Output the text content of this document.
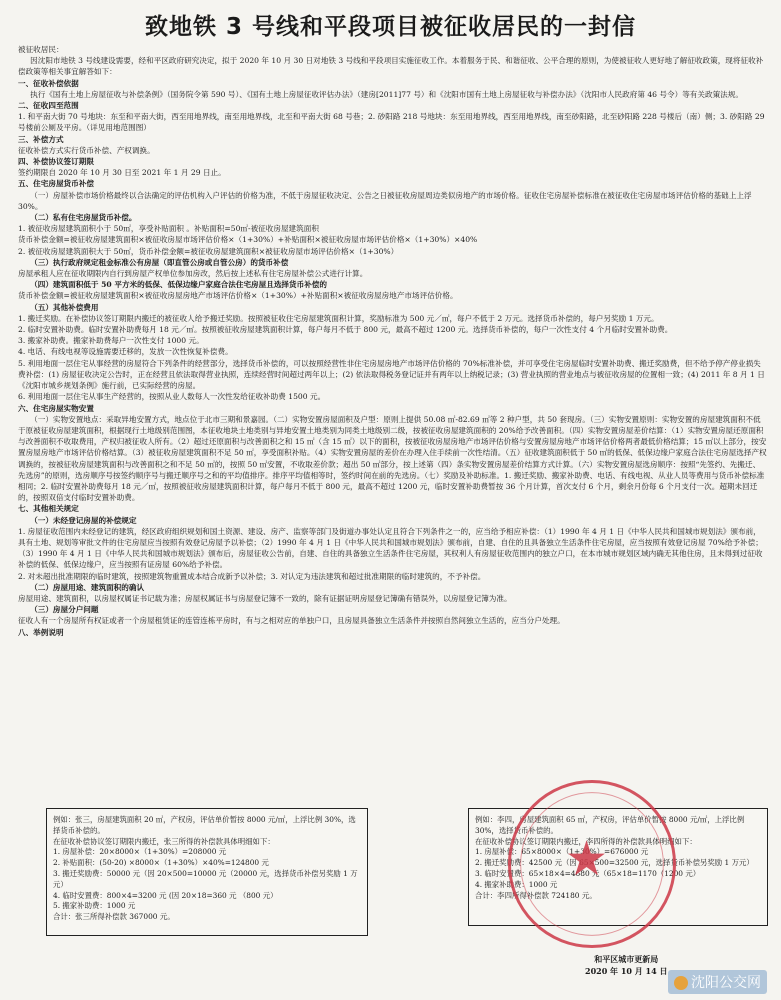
致地铁 3 号线和平段项目被征收居民的一封信

被征收居民：

因沈阳市地铁 3 号线建设需要，经和平区政府研究决定，拟于 2020 年 10 月 30 日对地铁 3 号线和平段项目实施征收工作。本着服务于民、和谐征收、公平合理的原则，为使被征收人更好地了解征收政策，现将征收补偿政策等相关事宜解答如下：

一、征收补偿依据

执行《国有土地上房屋征收与补偿条例》（国务院令第 590 号）、《国有土地上房屋征收评估办法》（建房[2011]77 号）和《沈阳市国有土地上房屋征收与补偿办法》（沈阳市人民政府第 46 号令）等有关政策法规。

二、征收四至范围

1. 和平南大街 70 号地块：东至和平南大街，西至用地界线，南至用地界线，北至和平南大街 68 号巷；2. 砂阳路 218 号地块：东至用地界线，西至用地界线，南至砂阳路，北至砂阳路 228 号楼后（南）侧；3. 砂阳路 29 号楼前公厕及平房。（详见用地范围图）

三、补偿方式

征收补偿方式实行货币补偿、产权调换。

四、补偿协议签订期限

签约期限自 2020 年 10 月 30 日至 2021 年 1 月 29 日止。

五、住宅房屋货币补偿

（一）房屋补偿市场价格最终以合法确定的评估机构入户评估的价格为准，不低于房屋征收决定、公告之日被征收房屋周边类似房地产的市场价格。征收住宅房屋补偿标准在被征收住宅房屋市场评估价格的基础上上浮 30%。

（二）私有住宅房屋货币补偿。

1. 被征收房屋建筑面积小于 50㎡，享受补贴面积 。补贴面积=50㎡-被征收房屋建筑面积

货币补偿金额=被征收房屋建筑面积×被征收房屋市场评估价格×（1+30%）+补贴面积×被征收房屋市场评估价格×（1+30%）×40%

2. 被征收房屋建筑面积大于 50㎡，货币补偿金额=被征收房屋建筑面积×被征收房屋市场评估价格×（1+30%）

（三）执行政府规定租金标准公有房屋（即直管公房或自管公房）的货币补偿

房屋承租人应在征收期限内自行到房屋产权单位参加房改，然后按上述私有住宅房屋补偿公式进行计算。

（四）建筑面积低于 50 平方米的低保、低保边缘户家庭合法住宅房屋且选择货币补偿的

货币补偿金额=被征收房屋建筑面积×被征收房屋房地产市场评估价格×（1+30%）+补贴面积×被征收房屋房地产市场评估价格。

（五）其他补偿费用

1. 搬迁奖励。在补偿协议签订期限内搬迁的被征收人给予搬迁奖励。按照被征收住宅房屋建筑面积计算，奖励标准为 500 元／㎡，每户不低于 2 万元。选择货币补偿的，每户另奖励 1 万元。

2. 临时安置补助费。临时安置补助费每月 18 元／㎡。按照被征收房屋建筑面积计算，每户每月不低于 800 元，最高不超过 1200 元。选择货币补偿的，每户一次性支付 4 个月临时安置补助费。

3. 搬家补助费。搬家补助费每户一次性支付 1000 元。

4. 电话、有线电视等设施需要迁移的，发放一次性恢复补偿费。

5. 利用地面一层住宅从事经营的房屋符合下列条件的经营部分，选择货币补偿的，可以按照经营性非住宅房屋房地产市场评估价格的 70%标准补偿，并可享受住宅房屋临时安置补助费、搬迁奖励费，但不给予停产停业损失费补偿：(1) 房屋征收决定公告时，正在经营且依法取得营业执照，连续经营时间超过两年以上；(2) 依法取得税务登记证并有两年以上纳税记录；(3) 营业执照的营业地点与被征收房屋的位置相一致；(4) 2011 年 8 月 1 日《沈阳市城乡规划条例》施行前，已实际经营的房屋。

6. 利用地面一层住宅从事生产经营的，按照从业人数每人一次性发给征收补助费 1500 元。

六、住宅房屋实物安置

（一）实物安置地点：采取异地安置方式，地点位于北市三期和景嘉园。（二）实物安置房屋面积及户型：原则上提供 50.08 ㎡-82.69 ㎡等 2 种户型，共 50 套现房。（三）实物安置原则：实物安置的房屋建筑面积不低于原被征收房屋建筑面积，根据现行土地级别范围图，本征收地块土地类别与异地安置土地类别为同类土地级别二级，按被征收房屋建筑面积的 20%给予改善面积。（四）实物安置房屋差价结算：（1）实物安置房屋还原面积与改善面积不收取费用，产权归被征收人所有。（2）超过还原面积与改善面积之和 15 ㎡（含 15 ㎡）以下的面积，按被征收房屋房地产市场评估价格与安置房屋房地产市场评估价格两者最低价格结算；15 ㎡以上部分，按安置房屋房地产市场评估价格结算。（3）被征收房屋建筑面积不足 50 ㎡，享受面积补贴。（4）实物安置房屋的差价在办理入住手续前一次性结清。（五）征收建筑面积低于 50 ㎡的低保、低保边缘户家庭合法住宅房屋选择产权调换的，按被征收房屋建筑面积与改善面积之和不足 50 ㎡的，按照 50 ㎡安置，不收取差价款；超出 50 ㎡部分，按上述第（四）条实物安置房屋差价结算方式计算。（六）实物安置房屋选房顺序：按照“先签约、先搬迁、先选房”的原则，选房顺序号按签约顺序号与搬迁顺序号之和的平均值排序。排序平均值相等时，签约时间在前的先选房。（七）奖励及补助标准。1. 搬迁奖励、搬家补助费、电话、有线电视、从业人员等费用与货币补偿标准相同；2. 临时安置补助费每月 18 元／㎡，按照被征收房屋建筑面积计算，每户每月不低于 800 元，最高不超过 1200 元，临时安置补助费暂按 36 个月计算，首次支付 6 个月，剩余月份每 6 个月支付一次。超期未回迁的，按照双倍支付临时安置补助费。

七、其他相关规定

（一）未经登记房屋的补偿规定

1. 房屋征收范围内未经登记的建筑，经区政府组织规划和国土资源、建设、房产、监察等部门及街道办事处认定且符合下列条件之一的，应当给予相应补偿：（1）1990 年 4 月 1 日《中华人民共和国城市规划法》颁布前，具有土地、规划等审批文件的住宅房屋应当按照有效登记房屋予以补偿；（2）1990 年 4 月 1 日《中华人民共和国城市规划法》颁布前，自建、自住的且具备独立生活条件住宅房屋，应当按照有效登记房屋 70%给予补偿；（3）1990 年 4 月 1 日《中华人民共和国城市规划法》颁布后，房屋征收公告前，自建、自住的具备独立生活条件住宅房屋，其权利人有房屋征收范围内的独立户口，在本市城市规划区域内确无其他住房，且未得到过征收补偿的低保、低保边缘户，应当按照有证房屋 60%给予补偿。

2. 对未超出批准期限的临时建筑，按照建筑物重置成本结合成新予以补偿；3. 对认定为违法建筑和超过批准期限的临时建筑的，不予补偿。

（二）房屋用途、建筑面积的确认

房屋用途、建筑面积，以房屋权属证书记载为准；房屋权属证书与房屋登记簿不一致的，除有证据证明房屋登记簿确有错误外，以房屋登记簿为准。

（三）房屋分户问题

征收人有一个房屋所有权证或者一个房屋租赁证的连管连栋平房时，有与之相对应的单独户口，且房屋具备独立生活条件并按照自然间独立生活的，应当分户处理。

八、举例说明

例如：张三，房屋建筑面积 20 ㎡，产权房，评估单价暂按 8000 元/㎡，上浮比例 30%，选择货币补偿的。

在征收补偿协议签订期限内搬迁，张三所得的补偿款具体明细如下：

1. 房屋补偿：20×8000×（1+30%）=208000 元

2. 补贴面积：(50-20) ×8000×（1+30%）×40%=124800 元

3. 搬迁奖励费：50000 元（因 20×500=10000 元（20000 元，选择货币补偿另奖励 1 万元）

4. 临时安置费：800×4=3200 元 (因 20×18=360 元 （800 元）

5. 搬家补助费：1000 元

合计：张三所得补偿款 367000 元。

例如：李四，房屋建筑面积 65 ㎡，产权房，评估单价暂按 8000 元/㎡，上浮比例 30%，选择货币补偿的。

在征收补偿协议签订期限内搬迁，李四所得的补偿款具体明细如下：

1. 房屋补偿：65×8000×（1+30%）=676000 元

2. 搬迁奖励费：42500 元（因 65×500=32500 元，选择货币补偿另奖励 1 万元）

3. 临时安置费：65×18×4=4680 元（65×18=1170（1200 元）

4. 搬家补助费：1000 元

合计：李四所得补偿款 724180 元。

★
和平区城市更新局
2020 年 10 月 14 日
沈阳公交网
